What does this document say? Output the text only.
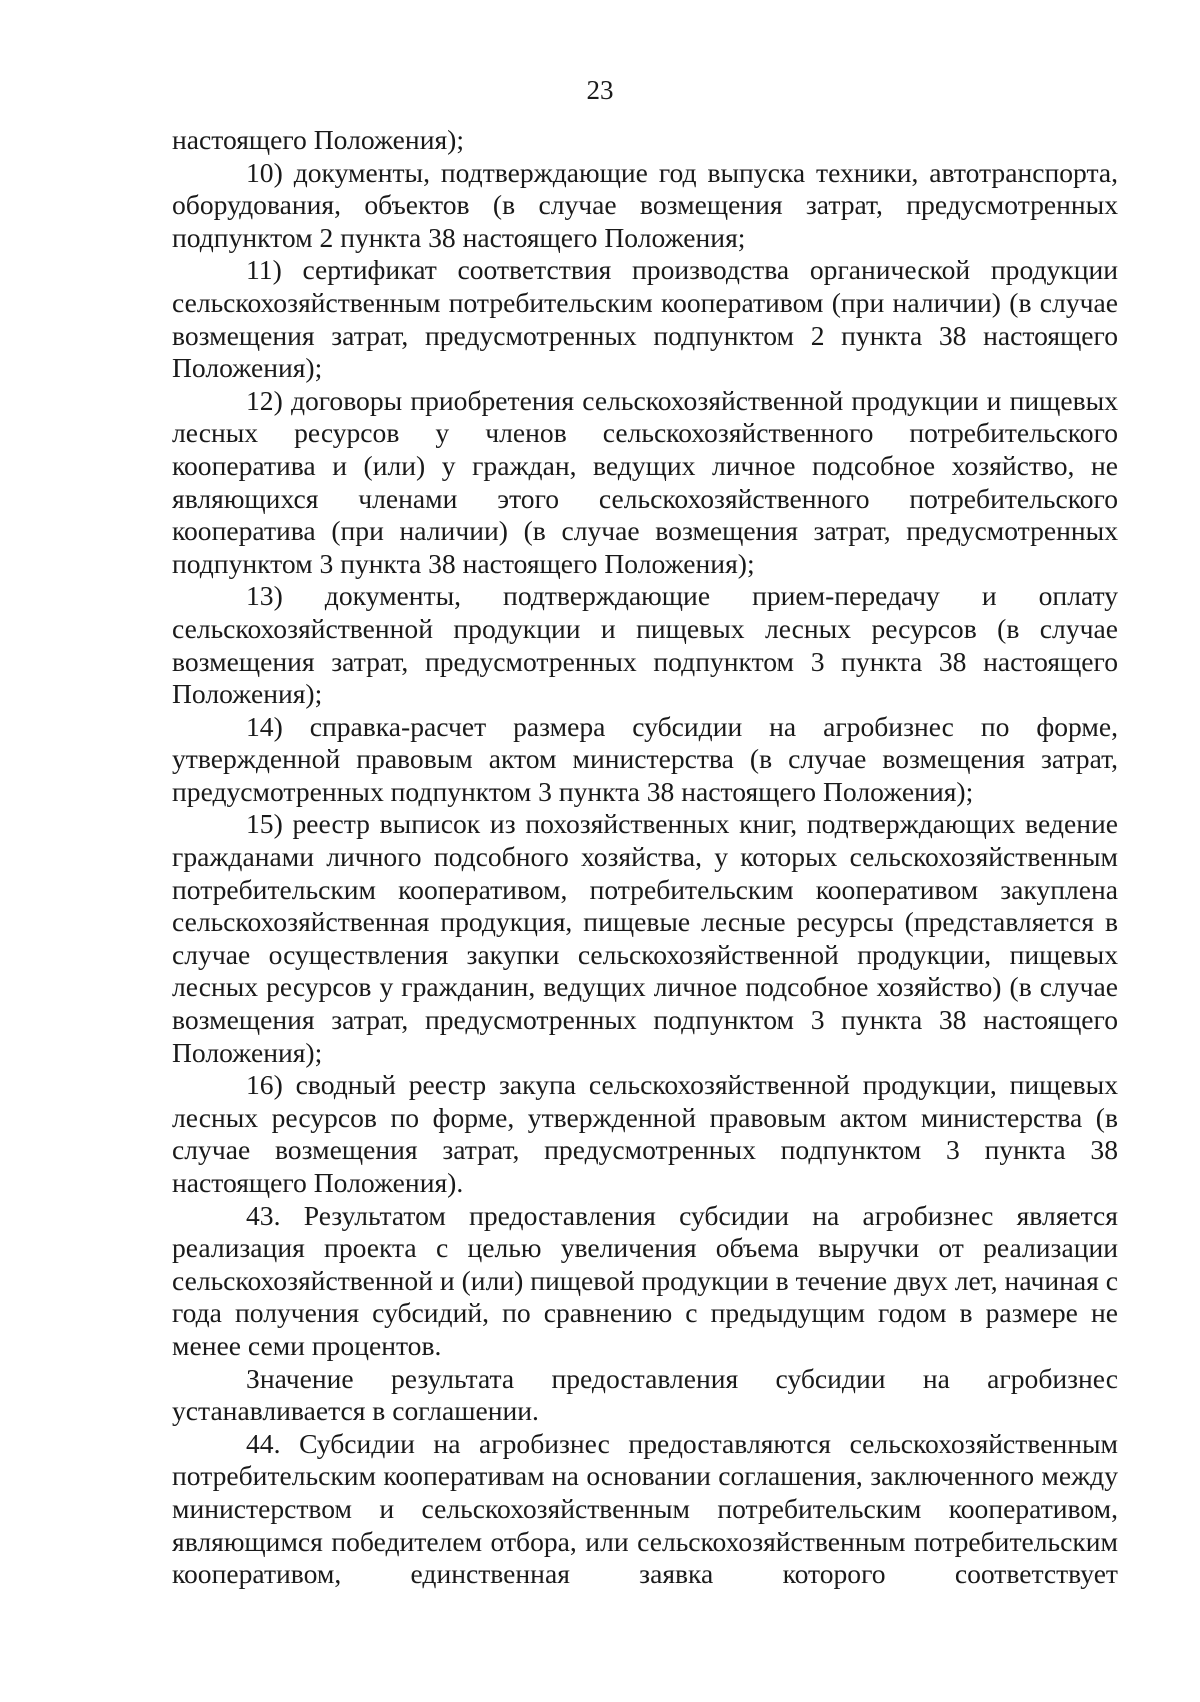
23

настоящего Положения);

10) документы, подтверждающие год выпуска техники, автотранспорта, оборудования, объектов (в случае возмещения затрат, предусмотренных подпунктом 2 пункта 38 настоящего Положения;

11) сертификат соответствия производства органической продукции сельскохозяйственным потребительским кооперативом (при наличии) (в случае возмещения затрат, предусмотренных подпунктом 2 пункта 38 настоящего Положения);

12) договоры приобретения сельскохозяйственной продукции и пищевых лесных ресурсов у членов сельскохозяйственного потребительского кооператива и (или) у граждан, ведущих личное подсобное хозяйство, не являющихся членами этого сельскохозяйственного потребительского кооператива (при наличии) (в случае возмещения затрат, предусмотренных подпунктом 3 пункта 38 настоящего Положения);

13) документы, подтверждающие прием-передачу и оплату сельскохозяйственной продукции и пищевых лесных ресурсов (в случае возмещения затрат, предусмотренных подпунктом 3 пункта 38 настоящего Положения);

14) справка-расчет размера субсидии на агробизнес по форме, утвержденной правовым актом министерства (в случае возмещения затрат, предусмотренных подпунктом 3 пункта 38 настоящего Положения);

15) реестр выписок из похозяйственных книг, подтверждающих ведение гражданами личного подсобного хозяйства, у которых сельскохозяйственным потребительским кооперативом, потребительским кооперативом закуплена сельскохозяйственная продукция, пищевые лесные ресурсы (представляется в случае осуществления закупки сельскохозяйственной продукции, пищевых лесных ресурсов у гражданин, ведущих личное подсобное хозяйство) (в случае возмещения затрат, предусмотренных подпунктом 3 пункта 38 настоящего Положения);

16) сводный реестр закупа сельскохозяйственной продукции, пищевых лесных ресурсов по форме, утвержденной правовым актом министерства (в случае возмещения затрат, предусмотренных подпунктом 3 пункта 38 настоящего Положения).

43. Результатом предоставления субсидии на агробизнес является реализация проекта с целью увеличения объема выручки от реализации сельскохозяйственной и (или) пищевой продукции в течение двух лет, начиная с года получения субсидий, по сравнению с предыдущим годом в размере не менее семи процентов.

Значение результата предоставления субсидии на агробизнес устанавливается в соглашении.

44. Субсидии на агробизнес предоставляются сельскохозяйственным потребительским кооперативам на основании соглашения, заключенного между министерством и сельскохозяйственным потребительским кооперативом, являющимся победителем отбора, или сельскохозяйственным потребительским кооперативом, единственная заявка которого соответствует
